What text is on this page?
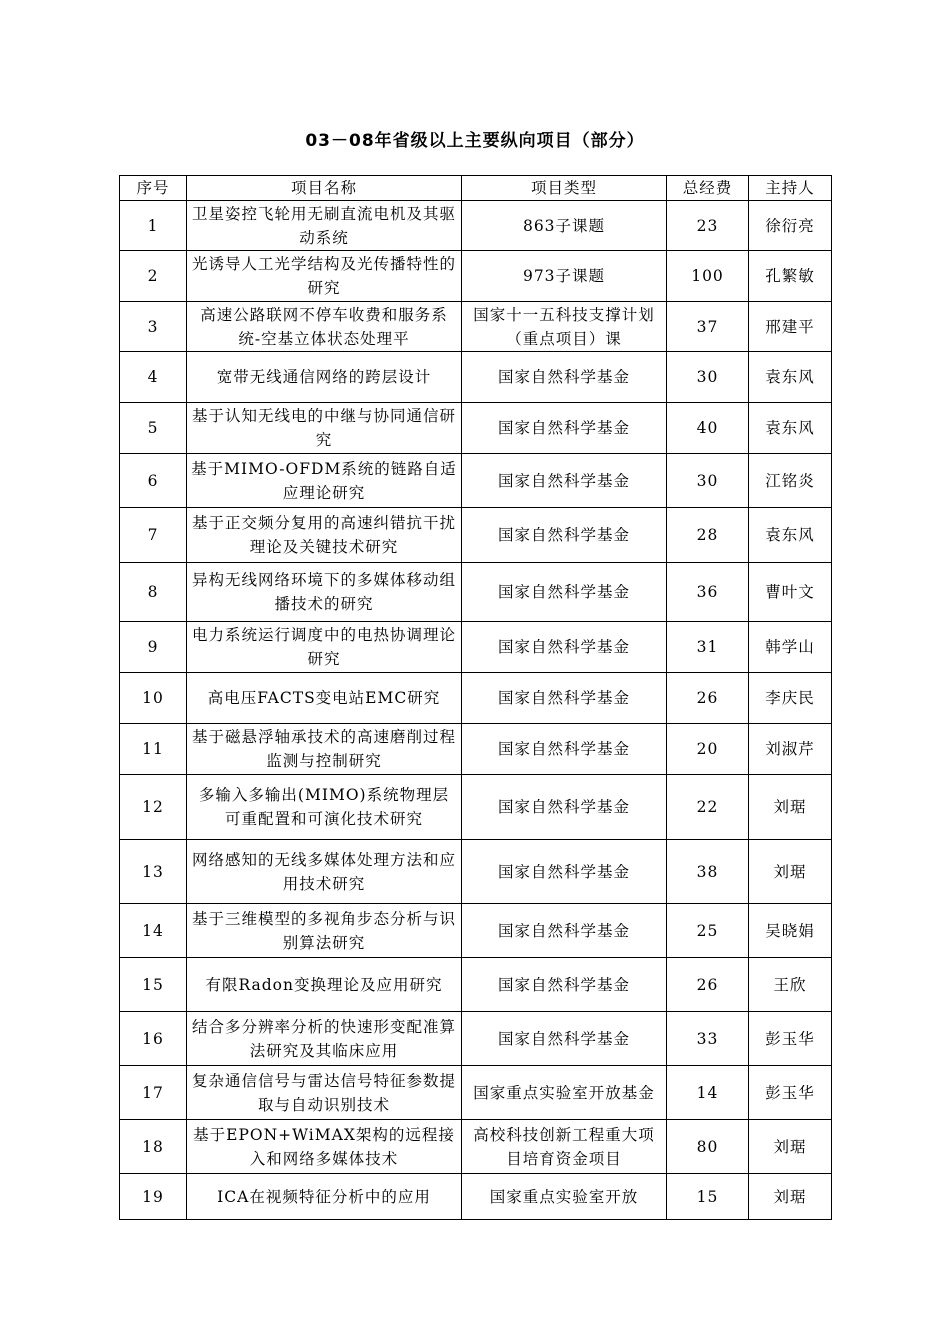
03－08年省级以上主要纵向项目（部分）
序号	项目名称	项目类型	总经费	主持人

1	卫星姿控飞轮用无刷直流电机及其驱动系统	863子课题	23	徐衍亮

2	光诱导人工光学结构及光传播特性的研究	973子课题	100	孔繁敏

3	高速公路联网不停车收费和服务系统-空基立体状态处理平	国家十一五科技支撑计划（重点项目）课	37	邢建平

4	宽带无线通信网络的跨层设计	国家自然科学基金	30	袁东风

5	基于认知无线电的中继与协同通信研究	国家自然科学基金	40	袁东风

6	基于MIMO-OFDM系统的链路自适应理论研究	国家自然科学基金	30	江铭炎

7	基于正交频分复用的高速纠错抗干扰理论及关键技术研究	国家自然科学基金	28	袁东风

8	异构无线网络环境下的多媒体移动组播技术的研究	国家自然科学基金	36	曹叶文

9	电力系统运行调度中的电热协调理论研究	国家自然科学基金	31	韩学山

10	高电压FACTS变电站EMC研究	国家自然科学基金	26	李庆民

11	基于磁悬浮轴承技术的高速磨削过程监测与控制研究	国家自然科学基金	20	刘淑芹

12	多输入多输出(MIMO)系统物理层可重配置和可演化技术研究	国家自然科学基金	22	刘琚

13	网络感知的无线多媒体处理方法和应用技术研究	国家自然科学基金	38	刘琚

14	基于三维模型的多视角步态分析与识别算法研究	国家自然科学基金	25	吴晓娟

15	有限Radon变换理论及应用研究	国家自然科学基金	26	王欣

16	结合多分辨率分析的快速形变配准算法研究及其临床应用	国家自然科学基金	33	彭玉华

17	复杂通信信号与雷达信号特征参数提取与自动识别技术	国家重点实验室开放基金	14	彭玉华

18	基于EPON+WiMAX架构的远程接入和网络多媒体技术	高校科技创新工程重大项目培育资金项目	80	刘琚

19	ICA在视频特征分析中的应用	国家重点实验室开放	15	刘琚
